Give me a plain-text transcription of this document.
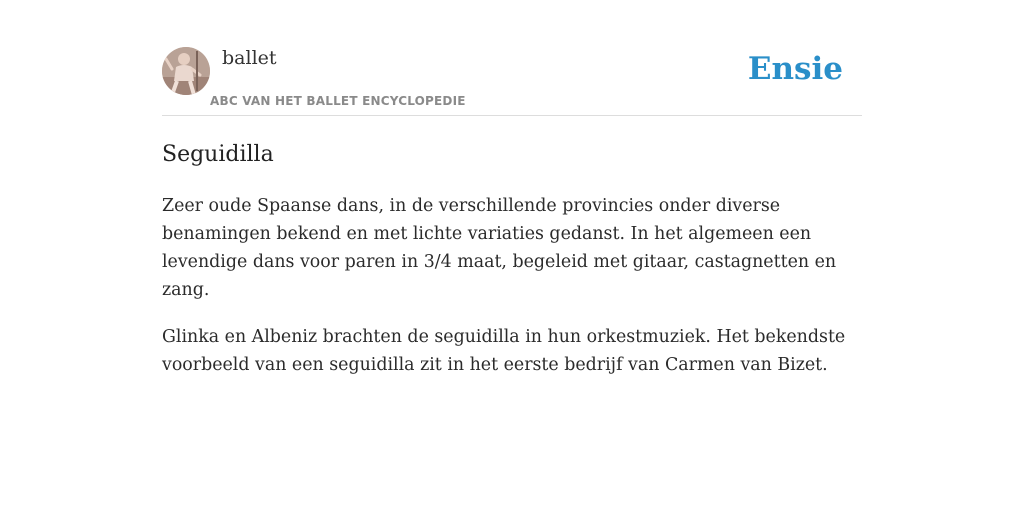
ballet
ABC VAN HET BALLET ENCYCLOPEDIE
Ensie
Seguidilla

Zeer oude Spaanse dans, in de verschillende provincies onder diverse benamingen bekend en met lichte variaties gedanst. In het algemeen een levendige dans voor paren in 3/4 maat, begeleid met gitaar, castagnetten en zang.

Glinka en Albeniz brachten de seguidilla in hun orkestmuziek. Het bekendste voorbeeld van een seguidilla zit in het eerste bedrijf van Carmen van Bizet.
